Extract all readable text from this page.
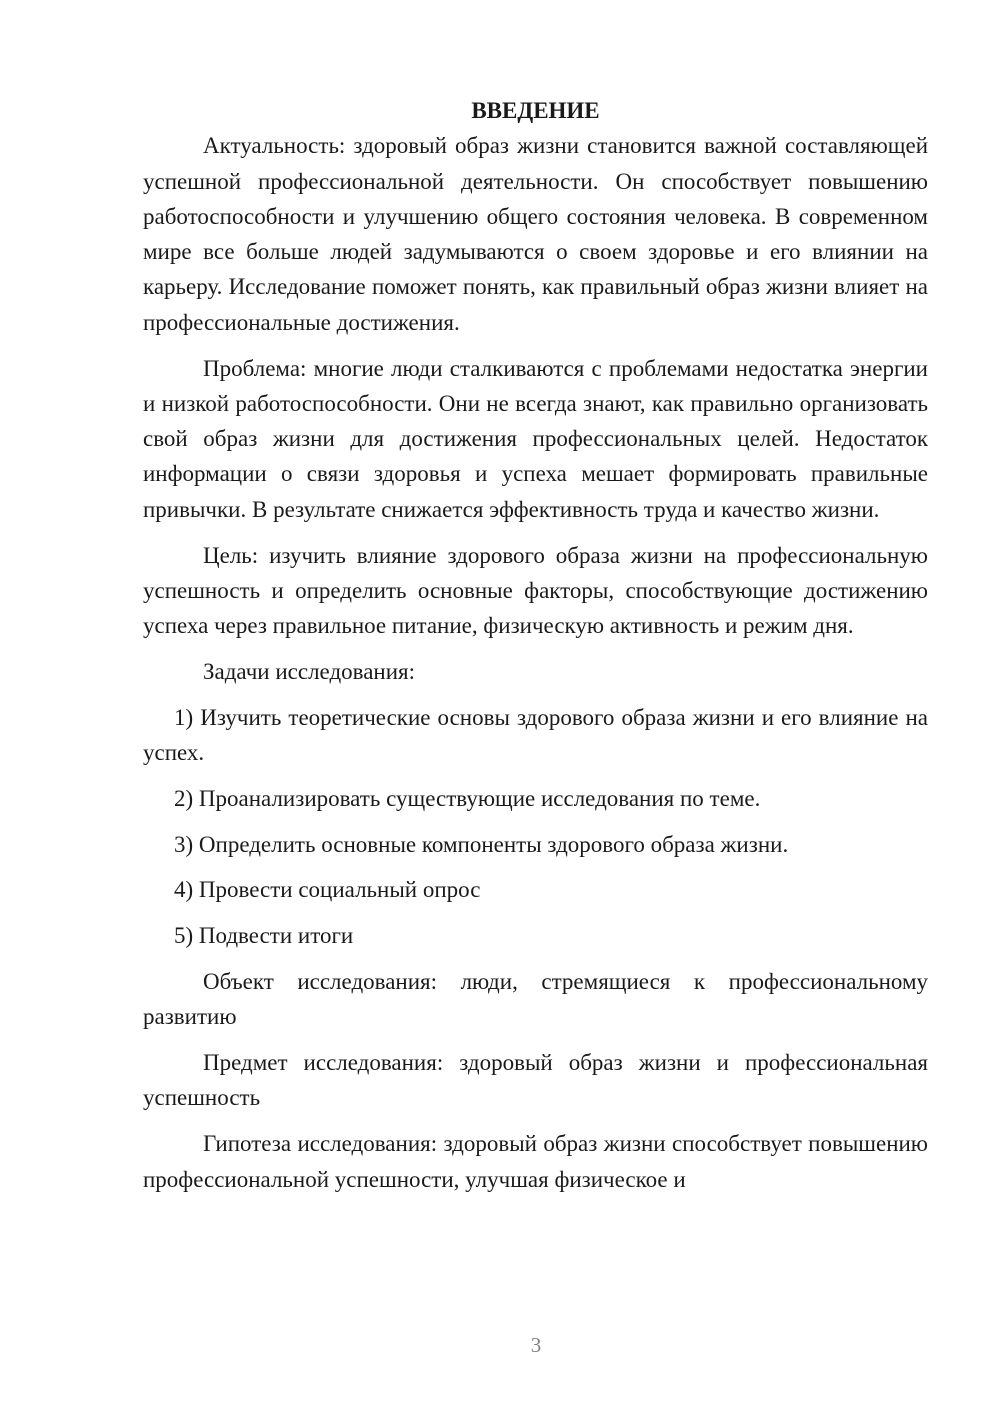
ВВЕДЕНИЕ

Актуальность: здоровый образ жизни становится важной составляющей успешной профессиональной деятельности. Он способствует повышению работоспособности и улучшению общего состояния человека. В современном мире все больше людей задумываются о своем здоровье и его влиянии на карьеру. Исследование поможет понять, как правильный образ жизни влияет на профессиональные достижения.

Проблема: многие люди сталкиваются с проблемами недостатка энергии и низкой работоспособности. Они не всегда знают, как правильно организовать свой образ жизни для достижения профессиональных целей. Недостаток информации о связи здоровья и успеха мешает формировать правильные привычки. В результате снижается эффективность труда и качество жизни.

Цель: изучить влияние здорового образа жизни на профессиональную успешность и определить основные факторы, способствующие достижению успеха через правильное питание, физическую активность и режим дня.

Задачи исследования:

1) Изучить теоретические основы здорового образа жизни и его влияние на успех.

2) Проанализировать существующие исследования по теме.

3) Определить основные компоненты здорового образа жизни.

4) Провести социальный опрос

5) Подвести итоги

Объект исследования: люди, стремящиеся к профессиональному развитию

Предмет исследования: здоровый образ жизни и профессиональная успешность

Гипотеза исследования: здоровый образ жизни способствует повышению профессиональной успешности, улучшая физическое и

3
